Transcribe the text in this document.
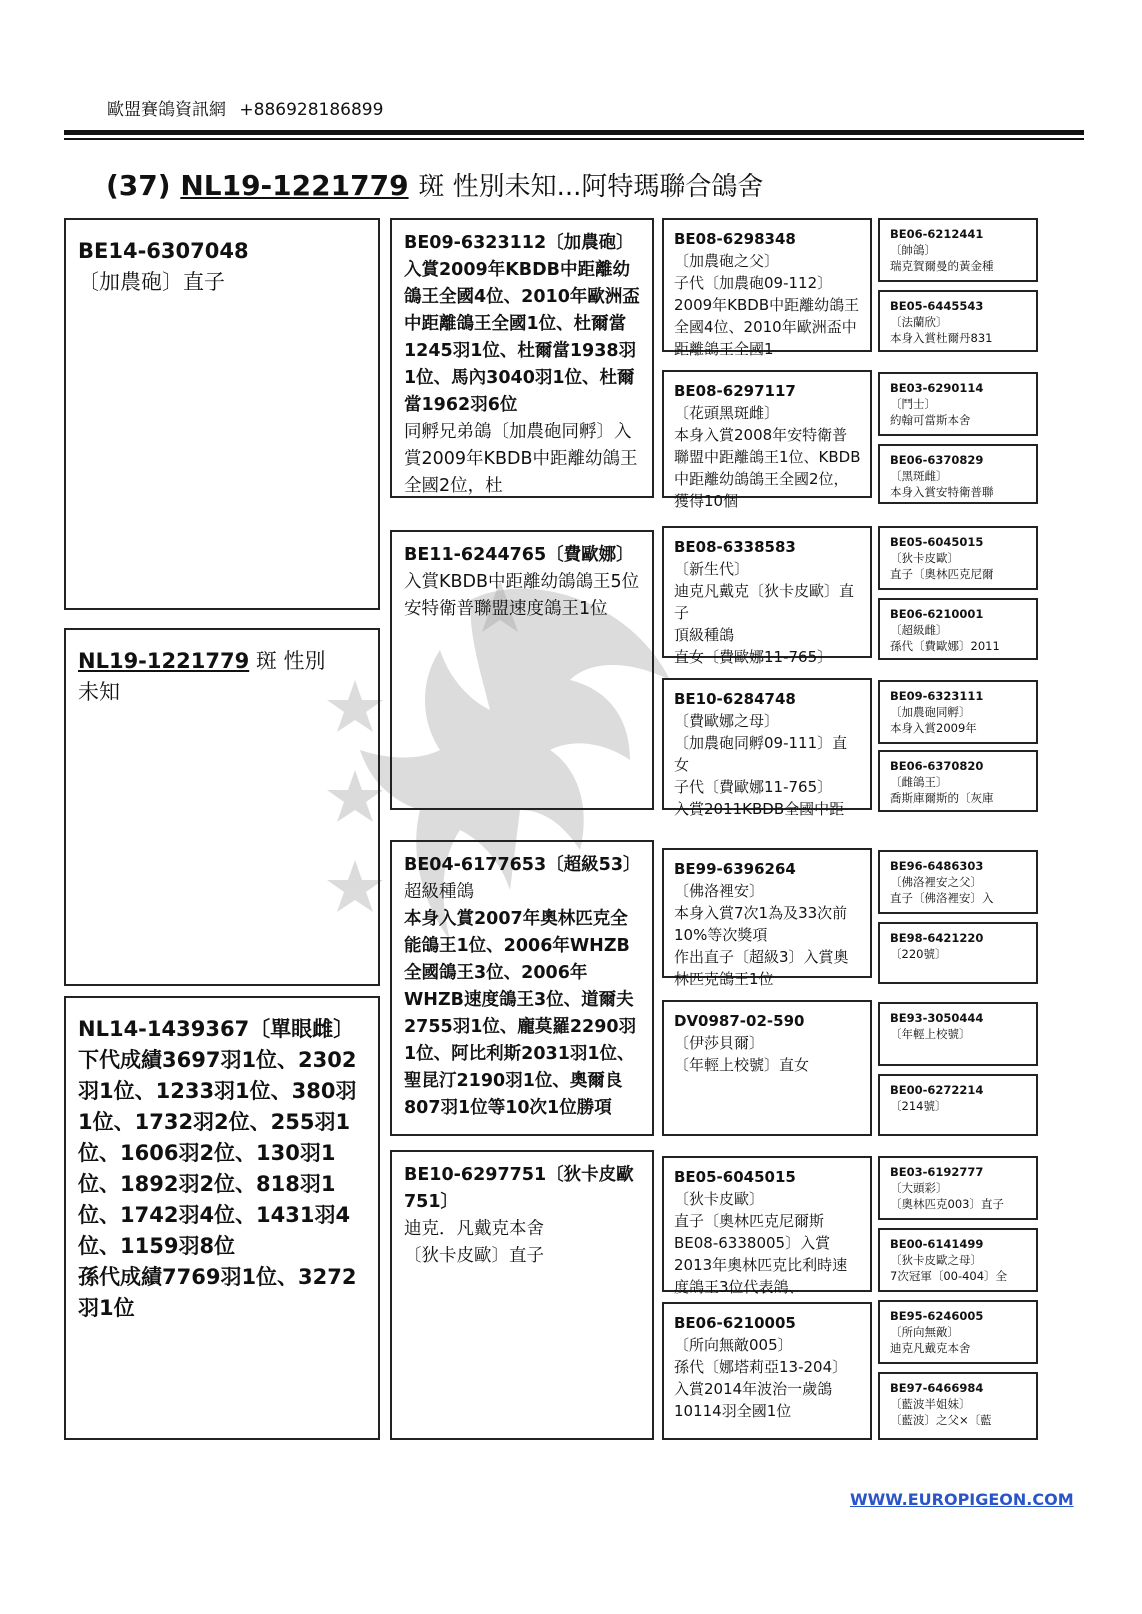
歐盟賽鴿資訊網 +886928186899
(37) NL19-1221779 斑 性別未知...阿特瑪聯合鴿舍
BE14-6307048
〔加農砲〕直子
NL19-1221779 斑 性別
未知
NL14-1439367〔單眼雌〕
下代成績3697羽1位、2302羽1位、1233羽1位、380羽1位、1732羽2位、255羽1位、1606羽2位、130羽1位、1892羽2位、818羽1位、1742羽4位、1431羽4位、1159羽8位
孫代成績7769羽1位、3272羽1位
BE09-6323112〔加農砲〕
入賞2009年KBDB中距離幼鴿王全國4位、2010年歐洲盃中距離鴿王全國1位、杜爾當1245羽1位、杜爾當1938羽1位、馬內3040羽1位、杜爾當1962羽6位
同孵兄弟鴿〔加農砲同孵〕入賞2009年KBDB中距離幼鴿王全國2位，杜
BE11-6244765〔費歐娜〕
入賞KBDB中距離幼鴿鴿王5位
安特衛普聯盟速度鴿王1位
BE04-6177653〔超級53〕
超級種鴿
本身入賞2007年奧林匹克全能鴿王1位、2006年WHZB全國鴿王3位、2006年WHZB速度鴿王3位、道爾夫2755羽1位、龐莫羅2290羽1位、阿比利斯2031羽1位、聖昆汀2190羽1位、奧爾良807羽1位等10次1位勝項
BE10-6297751〔狄卡皮歐751〕
迪克．凡戴克本舍
〔狄卡皮歐〕直子
BE08-6298348
〔加農砲之父〕
子代〔加農砲09-112〕2009年KBDB中距離幼鴿王全國4位、2010年歐洲盃中距離鴿王全國1
BE08-6297117
〔花頭黑斑雌〕
本身入賞2008年安特衛普聯盟中距離鴿王1位、KBDB中距離幼鴿鴿王全國2位，獲得10個
BE08-6338583
〔新生代〕
迪克凡戴克〔狄卡皮歐〕直子
頂級種鴿
直女〔費歐娜11-765〕
BE10-6284748
〔費歐娜之母〕
〔加農砲同孵09-111〕直女
子代〔費歐娜11-765〕
入賞2011KBDB全國中距
BE99-6396264
〔佛洛裡安〕
本身入賞7次1為及33次前10%等次獎項
作出直子〔超級3〕入賞奧林匹克鴿王1位
DV0987-02-590
〔伊莎貝爾〕
〔年輕上校號〕直女
BE05-6045015
〔狄卡皮歐〕
直子〔奧林匹克尼爾斯BE08-6338005〕入賞2013年奧林匹克比利時速度鴿王3位代表鴿、
BE06-6210005
〔所向無敵005〕
孫代〔娜塔莉亞13-204〕入賞2014年波治一歲鴿10114羽全國1位
BE06-6212441
〔帥鴿〕
瑞克賀爾曼的黃金種
BE05-6445543
〔法蘭欣〕
本身入賞杜爾丹831
BE03-6290114
〔鬥士〕
約翰可當斯本舍
BE06-6370829
〔黑斑雌〕
本身入賞安特衛普聯
BE05-6045015
〔狄卡皮歐〕
直子〔奧林匹克尼爾
BE06-6210001
〔超級雌〕
孫代〔費歐娜〕2011
BE09-6323111
〔加農砲同孵〕
本身入賞2009年
BE06-6370820
〔雌鴿王〕
喬斯庫爾斯的〔灰庫
BE96-6486303
〔佛洛裡安之父〕
直子〔佛洛裡安〕入
BE98-6421220
〔220號〕
BE93-3050444
〔年輕上校號〕
BE00-6272214
〔214號〕
BE03-6192777
〔大頭彩〕
〔奧林匹克003〕直子
BE00-6141499
〔狄卡皮歐之母〕
7次冠軍〔00-404〕全
BE95-6246005
〔所向無敵〕
迪克凡戴克本舍
BE97-6466984
〔藍波半姐妹〕
〔藍波〕之父×〔藍
WWW.EUROPIGEON.COM
